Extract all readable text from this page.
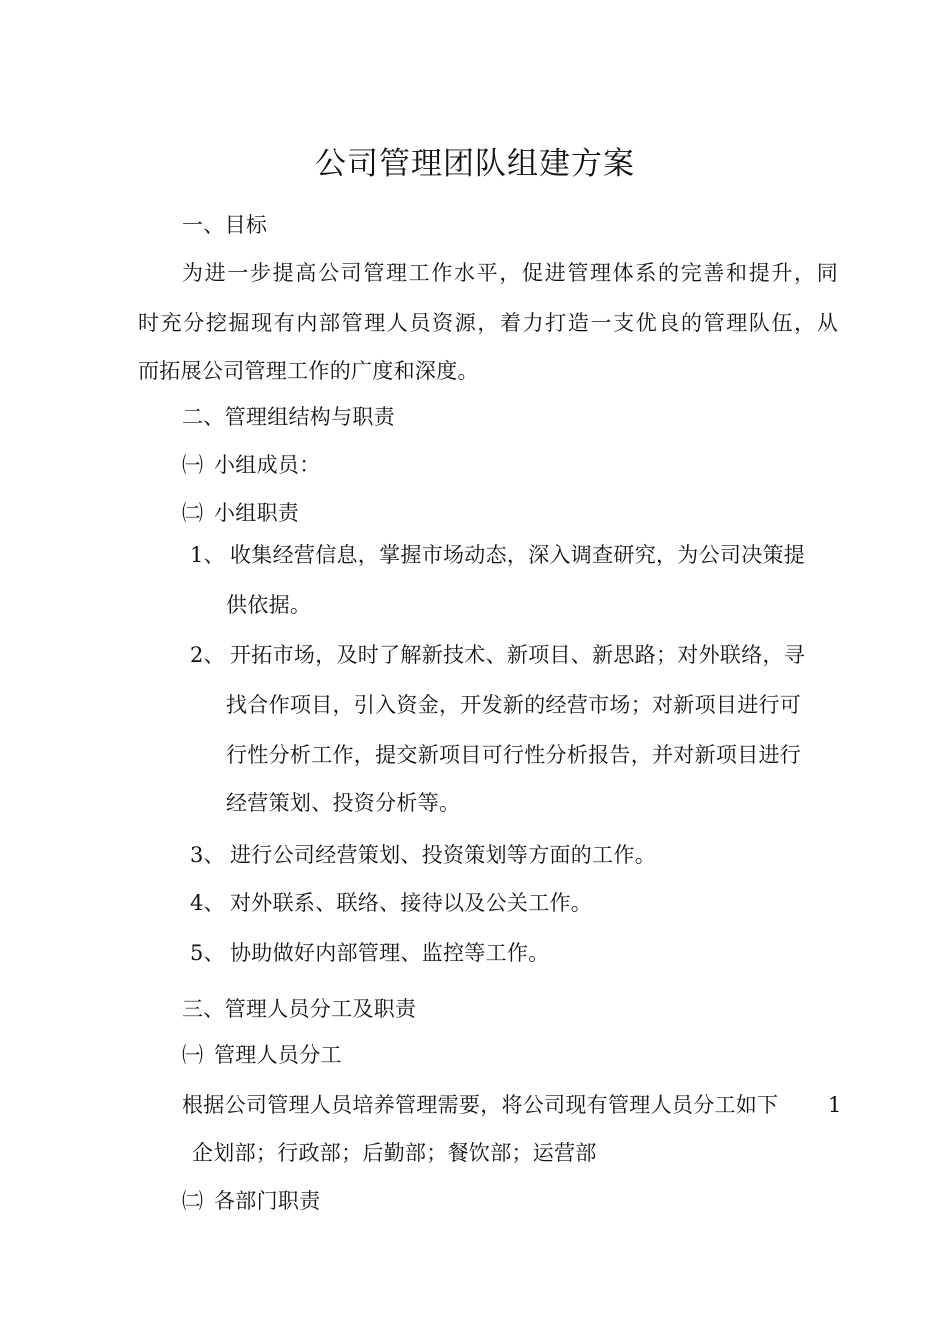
公司管理团队组建方案

一、目标

为进一步提高公司管理工作水平，促进管理体系的完善和提升，同

时充分挖掘现有内部管理人员资源，着力打造一支优良的管理队伍，从

而拓展公司管理工作的广度和深度。

二、管理组结构与职责

㈠ 小组成员：

㈡ 小组职责

1、 收集经营信息，掌握市场动态，深入调查研究，为公司决策提

供依据。

2、 开拓市场，及时了解新技术、新项目、新思路；对外联络，寻

找合作项目，引入资金，开发新的经营市场；对新项目进行可

行性分析工作，提交新项目可行性分析报告，并对新项目进行

经营策划、投资分析等。

3、 进行公司经营策划、投资策划等方面的工作。

4、 对外联系、联络、接待以及公关工作。

5、 协助做好内部管理、监控等工作。

三、管理人员分工及职责

㈠ 管理人员分工

根据公司管理人员培养管理需要，将公司现有管理人员分工如下 1

企划部；行政部；后勤部；餐饮部；运营部

㈡ 各部门职责
